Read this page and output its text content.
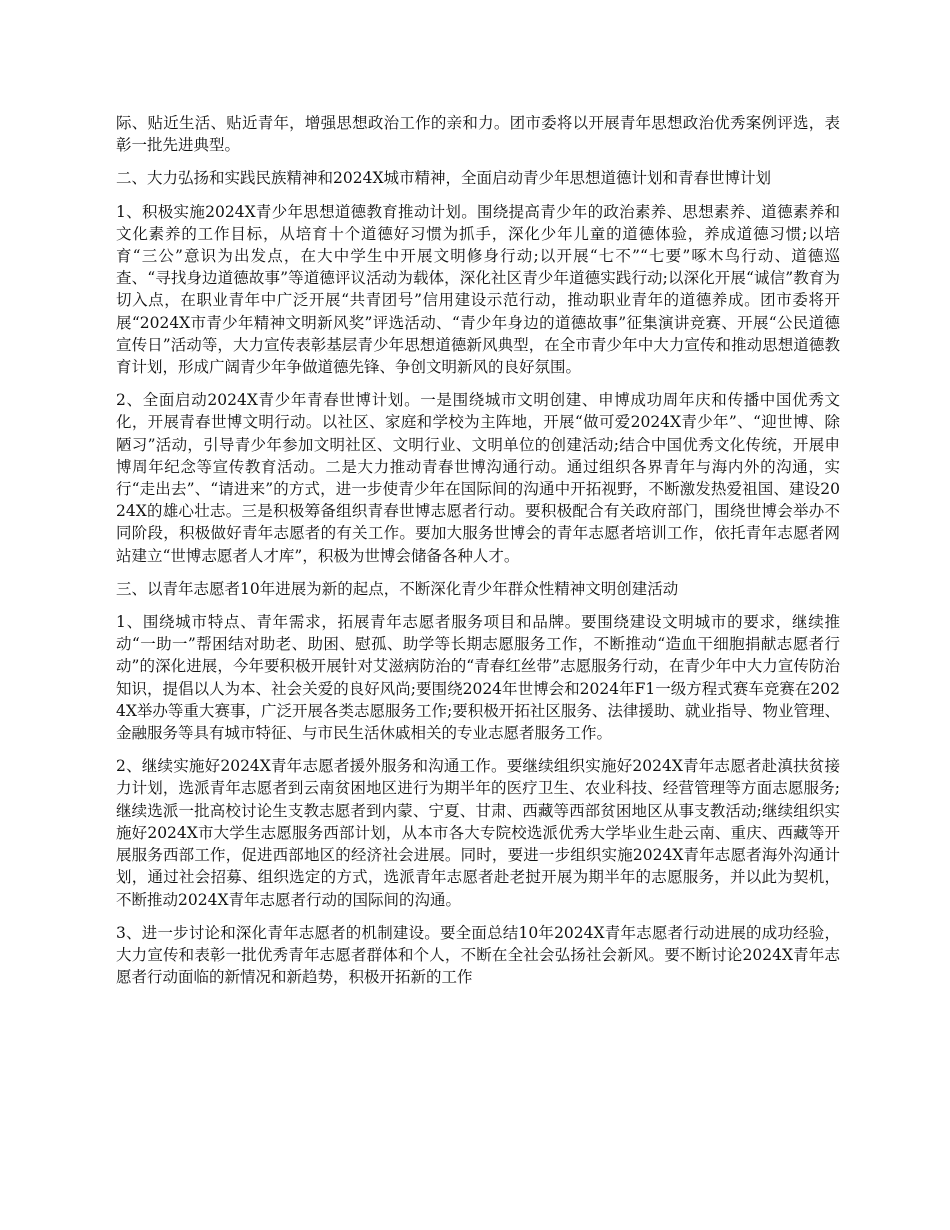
际、贴近生活、贴近青年，增强思想政治工作的亲和力。团市委将以开展青年思想政治优秀案例评选，表彰一批先进典型。

二、大力弘扬和实践民族精神和2024X城市精神，全面启动青少年思想道德计划和青春世博计划

1、积极实施2024X青少年思想道德教育推动计划。围绕提高青少年的政治素养、思想素养、道德素养和文化素养的工作目标，从培育十个道德好习惯为抓手，深化少年儿童的道德体验，养成道德习惯;以培育“三公”意识为出发点，在大中学生中开展文明修身行动;以开展“七不”“七要”啄木鸟行动、道德巡查、“寻找身边道德故事”等道德评议活动为载体，深化社区青少年道德实践行动;以深化开展“诚信”教育为切入点，在职业青年中广泛开展“共青团号”信用建设示范行动，推动职业青年的道德养成。团市委将开展“2024X市青少年精神文明新风奖”评选活动、“青少年身边的道德故事”征集演讲竞赛、开展“公民道德宣传日”活动等，大力宣传表彰基层青少年思想道德新风典型，在全市青少年中大力宣传和推动思想道德教育计划，形成广阔青少年争做道德先锋、争创文明新风的良好氛围。

2、全面启动2024X青少年青春世博计划。一是围绕城市文明创建、申博成功周年庆和传播中国优秀文化，开展青春世博文明行动。以社区、家庭和学校为主阵地，开展“做可爱2024X青少年”、“迎世博、除陋习”活动，引导青少年参加文明社区、文明行业、文明单位的创建活动;结合中国优秀文化传统，开展申博周年纪念等宣传教育活动。二是大力推动青春世博沟通行动。通过组织各界青年与海内外的沟通，实行“走出去”、“请进来”的方式，进一步使青少年在国际间的沟通中开拓视野，不断激发热爱祖国、建设2024X的雄心壮志。三是积极筹备组织青春世博志愿者行动。要积极配合有关政府部门，围绕世博会举办不同阶段，积极做好青年志愿者的有关工作。要加大服务世博会的青年志愿者培训工作，依托青年志愿者网站建立“世博志愿者人才库”，积极为世博会储备各种人才。

三、以青年志愿者10年进展为新的起点，不断深化青少年群众性精神文明创建活动

1、围绕城市特点、青年需求，拓展青年志愿者服务项目和品牌。要围绕建设文明城市的要求，继续推动“一助一”帮困结对助老、助困、慰孤、助学等长期志愿服务工作，不断推动“造血干细胞捐献志愿者行动”的深化进展，今年要积极开展针对艾滋病防治的“青春红丝带”志愿服务行动，在青少年中大力宣传防治知识，提倡以人为本、社会关爱的良好风尚;要围绕2024年世博会和2024年F1一级方程式赛车竞赛在2024X举办等重大赛事，广泛开展各类志愿服务工作;要积极开拓社区服务、法律援助、就业指导、物业管理、金融服务等具有城市特征、与市民生活休戚相关的专业志愿者服务工作。

2、继续实施好2024X青年志愿者援外服务和沟通工作。要继续组织实施好2024X青年志愿者赴滇扶贫接力计划，选派青年志愿者到云南贫困地区进行为期半年的医疗卫生、农业科技、经营管理等方面志愿服务;继续选派一批高校讨论生支教志愿者到内蒙、宁夏、甘肃、西藏等西部贫困地区从事支教活动;继续组织实施好2024X市大学生志愿服务西部计划，从本市各大专院校选派优秀大学毕业生赴云南、重庆、西藏等开展服务西部工作，促进西部地区的经济社会进展。同时，要进一步组织实施2024X青年志愿者海外沟通计划，通过社会招募、组织选定的方式，选派青年志愿者赴老挝开展为期半年的志愿服务，并以此为契机，不断推动2024X青年志愿者行动的国际间的沟通。

3、进一步讨论和深化青年志愿者的机制建设。要全面总结10年2024X青年志愿者行动进展的成功经验，大力宣传和表彰一批优秀青年志愿者群体和个人，不断在全社会弘扬社会新风。要不断讨论2024X青年志愿者行动面临的新情况和新趋势，积极开拓新的工作
